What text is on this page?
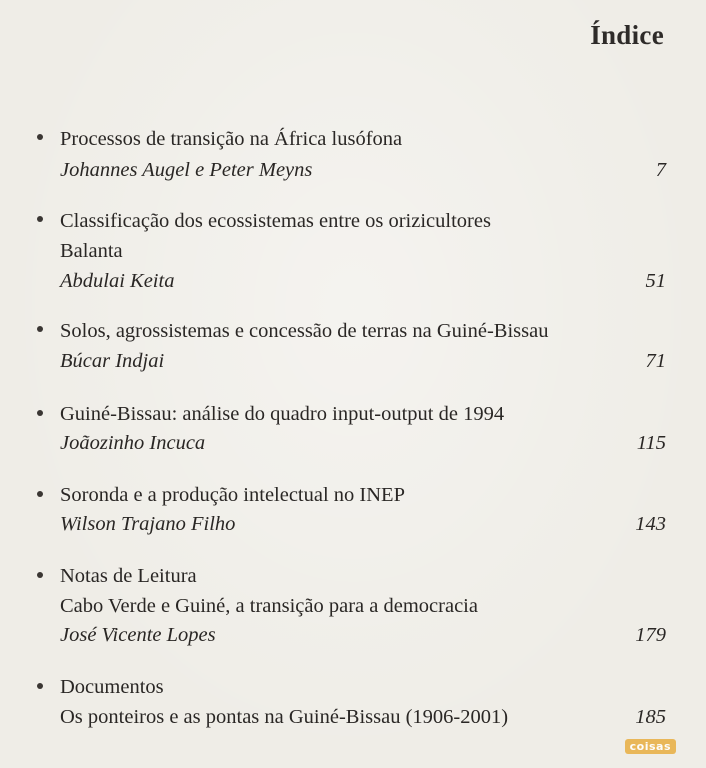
Índice
Processos de transição na África lusófona
Johannes Augel e Peter Meyns	7
Classificação dos ecossistemas entre os orizicultores
Balanta
Abdulai Keita	51
Solos, agrossistemas e concessão de terras na Guiné-Bissau
Búcar Indjai	71
Guiné-Bissau: análise do quadro input-output de 1994
Joãozinho Incuca	115
Soronda e a produção intelectual no INEP
Wilson Trajano Filho	143
Notas de Leitura
Cabo Verde e Guiné, a transição para a democracia
José Vicente Lopes	179
Documentos
Os ponteiros e as pontas na Guiné-Bissau (1906-2001)	185
coisas
